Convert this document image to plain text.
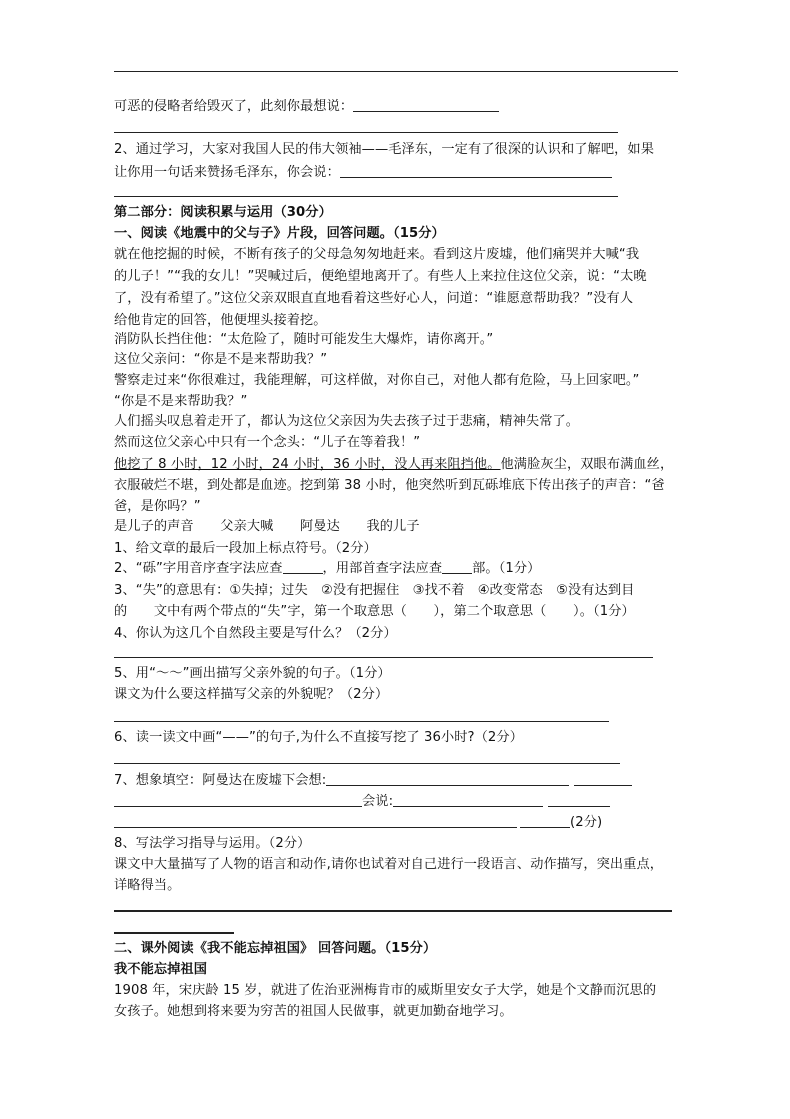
可恶的侵略者给毁灭了，此刻你最想说：
2、通过学习，大家对我国人民的伟大领袖——毛泽东，一定有了很深的认识和了解吧，如果
让你用一句话来赞扬毛泽东，你会说：
第二部分：阅读积累与运用（30分）
一、阅读《地震中的父与子》片段，回答问题。（15分）
就在他挖掘的时候，不断有孩子的父母急匆匆地赶来。看到这片废墟，他们痛哭并大喊“我
的儿子！”“我的女儿！”哭喊过后，便绝望地离开了。有些人上来拉住这位父亲，说：“太晚
了，没有希望了。”这位父亲双眼直直地看着这些好心人，问道：“谁愿意帮助我？”没有人
给他肯定的回答，他便埋头接着挖。
消防队长挡住他：“太危险了，随时可能发生大爆炸，请你离开。”
这位父亲问：“你是不是来帮助我？”
警察走过来“你很难过，我能理解，可这样做，对你自己，对他人都有危险，马上回家吧。”
“你是不是来帮助我？”
人们摇头叹息着走开了，都认为这位父亲因为失去孩子过于悲痛，精神失常了。
然而这位父亲心中只有一个念头：“儿子在等着我！”
他挖了 8 小时，12 小时，24 小时，36 小时，没人再来阻挡他。他满脸灰尘，双眼布满血丝，
衣服破烂不堪，到处都是血迹。挖到第 38 小时，他突然听到瓦砾堆底下传出孩子的声音：“爸
爸，是你吗？”
是儿子的声音　　父亲大喊　　阿曼达　　我的儿子
1、给文章的最后一段加上标点符号。（2分）
2、“砾”字用音序查字法应查	，用部首查字法应查 部。（1分）
3、“失”的意思有：①失掉；过失　②没有把握住　③找不着　④改变常态　⑤没有达到目
的　　文中有两个带点的“失”字，第一个取意思（　　），第二个取意思（　　）。（1分）
4、你认为这几个自然段主要是写什么？（2分）
5、用“～～”画出描写父亲外貌的句子。（1分）
课文为什么要这样描写父亲的外貌呢？（2分）
6、读一读文中画“——”的句子,为什么不直接写挖了 36小时?（2分）
7、想象填空：阿曼达在废墟下会想:
会说:
(2分)
8、写法学习指导与运用。（2分）
课文中大量描写了人物的语言和动作,请你也试着对自己进行一段语言、动作描写，突出重点，
详略得当。
二、课外阅读《我不能忘掉祖国》 回答问题。（15分）
我不能忘掉祖国
1908 年，宋庆龄 15 岁，就进了佐治亚洲梅肯市的威斯里安女子大学，她是个文静而沉思的
女孩子。她想到将来要为穷苦的祖国人民做事，就更加勤奋地学习。
